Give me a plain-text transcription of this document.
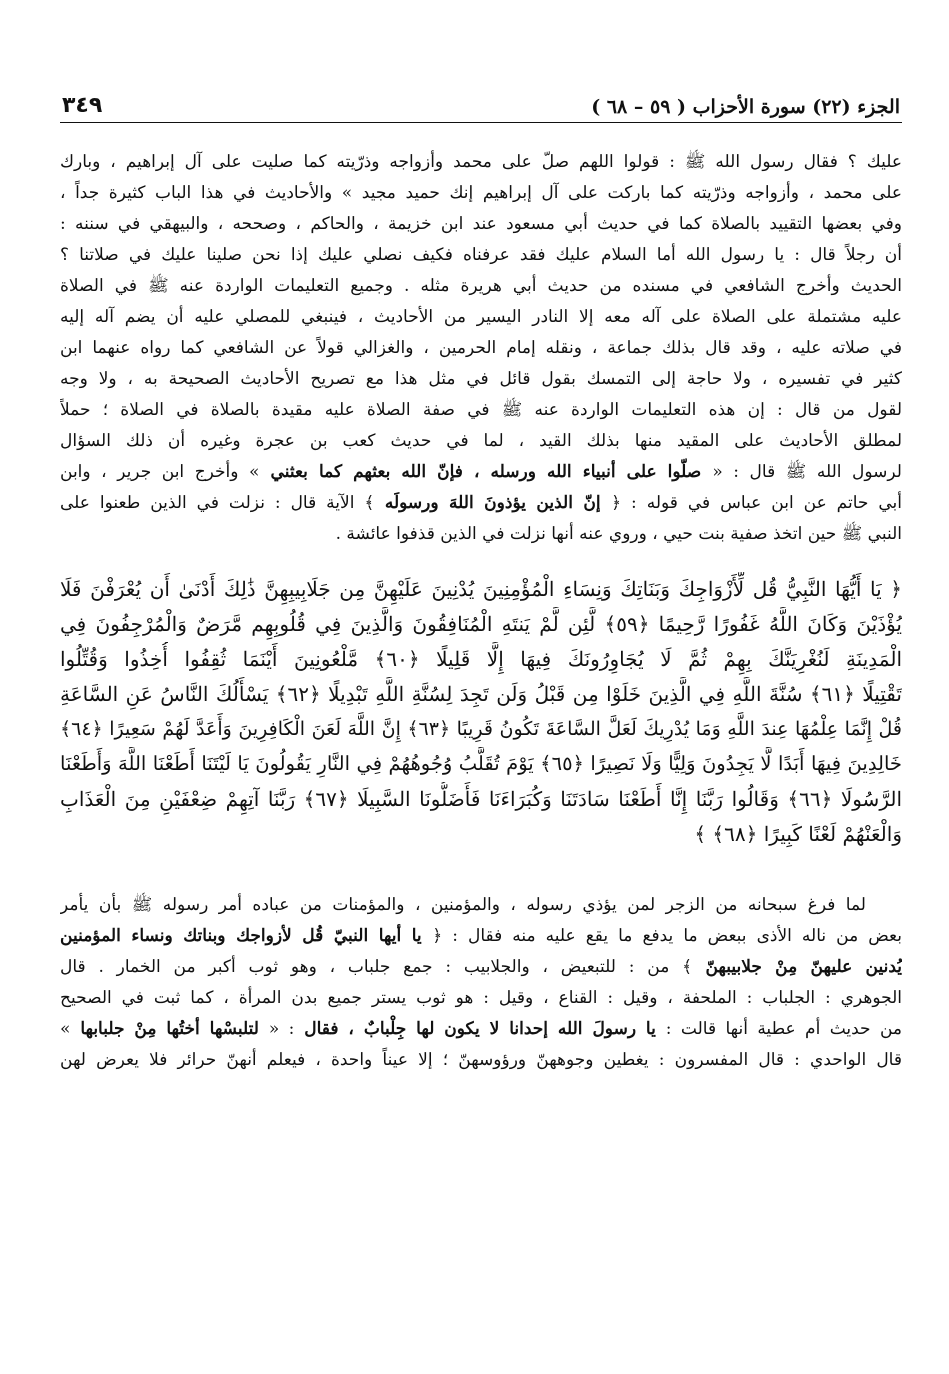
الجزء (٢٢) سورة الأحزاب ( ٥٩ – ٦٨ )
٣٤٩
عليك ؟ فقال رسول الله ﷺ : قولوا اللهم صلّ على محمد وأزواجه وذرّيته كما صليت على آل إبراهيم ، وبارك
على محمد ، وأزواجه وذرّيته كما باركت على آل إبراهيم إنك حميد مجيد » والأحاديث في هذا الباب كثيرة جداً ،
وفي بعضها التقييد بالصلاة كما في حديث أبي مسعود عند ابن خزيمة ، والحاكم ، وصححه ، والبيهقي في سننه :
أن رجلاً قال : يا رسول الله أما السلام عليك فقد عرفناه فكيف نصلي عليك إذا نحن صلينا عليك في صلاتنا ؟
الحديث وأخرج الشافعي في مسنده من حديث أبي هريرة مثله . وجميع التعليمات الواردة عنه ﷺ في الصلاة
عليه مشتملة على الصلاة على آله معه إلا النادر اليسير من الأحاديث ، فينبغي للمصلي عليه أن يضم آله إليه
في صلاته عليه ، وقد قال بذلك جماعة ، ونقله إمام الحرمين ، والغزالي قولاً عن الشافعي كما رواه عنهما ابن
كثير في تفسيره ، ولا حاجة إلى التمسك بقول قائل في مثل هذا مع تصريح الأحاديث الصحيحة به ، ولا وجه
لقول من قال : إن هذه التعليمات الواردة عنه ﷺ في صفة الصلاة عليه مقيدة بالصلاة في الصلاة ؛ حملاً
لمطلق الأحاديث على المقيد منها بذلك القيد ، لما في حديث كعب بن عجرة وغيره أن ذلك السؤال
لرسول الله ﷺ قال : « صلّوا على أنبياء الله ورسله ، فإنّ الله بعثهم كما بعثني » وأخرج ابن جرير ، وابن
أبي حاتم عن ابن عباس في قوله : ﴿ إنّ الذين يؤذونَ اللهَ ورسولَه ﴾ الآية قال : نزلت في الذين طعنوا على
النبي ﷺ حين اتخذ صفية بنت حيي ، وروي عنه أنها نزلت في الذين قذفوا عائشة .
﴿ يَا أَيُّهَا النَّبِيُّ قُل لِّأَزْوَاجِكَ وَبَنَاتِكَ وَنِسَاءِ الْمُؤْمِنِينَ يُدْنِينَ عَلَيْهِنَّ مِن جَلَابِيبِهِنَّ ذَٰلِكَ أَدْنَىٰ أَن يُعْرَفْنَ فَلَا
يُؤْذَيْنَ وَكَانَ اللَّهُ غَفُورًا رَّحِيمًا ﴿٥٩﴾ لَّئِن لَّمْ يَنتَهِ الْمُنَافِقُونَ وَالَّذِينَ فِي قُلُوبِهِم مَّرَضٌ وَالْمُرْجِفُونَ فِي
الْمَدِينَةِ لَنُغْرِيَنَّكَ بِهِمْ ثُمَّ لَا يُجَاوِرُونَكَ فِيهَا إِلَّا قَلِيلًا ﴿٦٠﴾ مَّلْعُونِينَ أَيْنَمَا ثُقِفُوا أُخِذُوا وَقُتِّلُوا
تَقْتِيلًا ﴿٦١﴾ سُنَّةَ اللَّهِ فِي الَّذِينَ خَلَوْا مِن قَبْلُ وَلَن تَجِدَ لِسُنَّةِ اللَّهِ تَبْدِيلًا ﴿٦٢﴾ يَسْأَلُكَ النَّاسُ عَنِ السَّاعَةِ
قُلْ إِنَّمَا عِلْمُهَا عِندَ اللَّهِ وَمَا يُدْرِيكَ لَعَلَّ السَّاعَةَ تَكُونُ قَرِيبًا ﴿٦٣﴾ إِنَّ اللَّهَ لَعَنَ الْكَافِرِينَ وَأَعَدَّ لَهُمْ سَعِيرًا ﴿٦٤﴾
خَالِدِينَ فِيهَا أَبَدًا لَّا يَجِدُونَ وَلِيًّا وَلَا نَصِيرًا ﴿٦٥﴾ يَوْمَ تُقَلَّبُ وُجُوهُهُمْ فِي النَّارِ يَقُولُونَ يَا لَيْتَنَا أَطَعْنَا اللَّهَ وَأَطَعْنَا
الرَّسُولَا ﴿٦٦﴾ وَقَالُوا رَبَّنَا إِنَّا أَطَعْنَا سَادَتَنَا وَكُبَرَاءَنَا فَأَضَلُّونَا السَّبِيلَا ﴿٦٧﴾ رَبَّنَا آتِهِمْ ضِعْفَيْنِ مِنَ الْعَذَابِ
وَالْعَنْهُمْ لَعْنًا كَبِيرًا ﴿٦٨﴾ ﴾
لما فرغ سبحانه من الزجر لمن يؤذي رسوله ، والمؤمنين ، والمؤمنات من عباده أمر رسوله ﷺ بأن يأمر
بعض من ناله الأذى ببعض ما يدفع ما يقع عليه منه فقال : ﴿ يا أيها النبيّ قُل لأزواجك وبناتك ونساء المؤمنين
يُدنين عليهنّ مِنْ جلابيبهنّ ﴾ من : للتبعيض ، والجلابيب : جمع جلباب ، وهو ثوب أكبر من الخمار . قال
الجوهري : الجلباب : الملحفة ، وقيل : القناع ، وقيل : هو ثوب يستر جميع بدن المرأة ، كما ثبت في الصحيح
من حديث أم عطية أنها قالت : يا رسولَ الله إحدانا لا يكون لها جِلْبابٌ ، فقال : « لتلبسْها أختُها مِنْ جلبابها »
قال الواحدي : قال المفسرون : يغطين وجوههنّ ورؤوسهنّ ؛ إلا عيناً واحدة ، فيعلم أنهنّ حرائر فلا يعرض لهن
